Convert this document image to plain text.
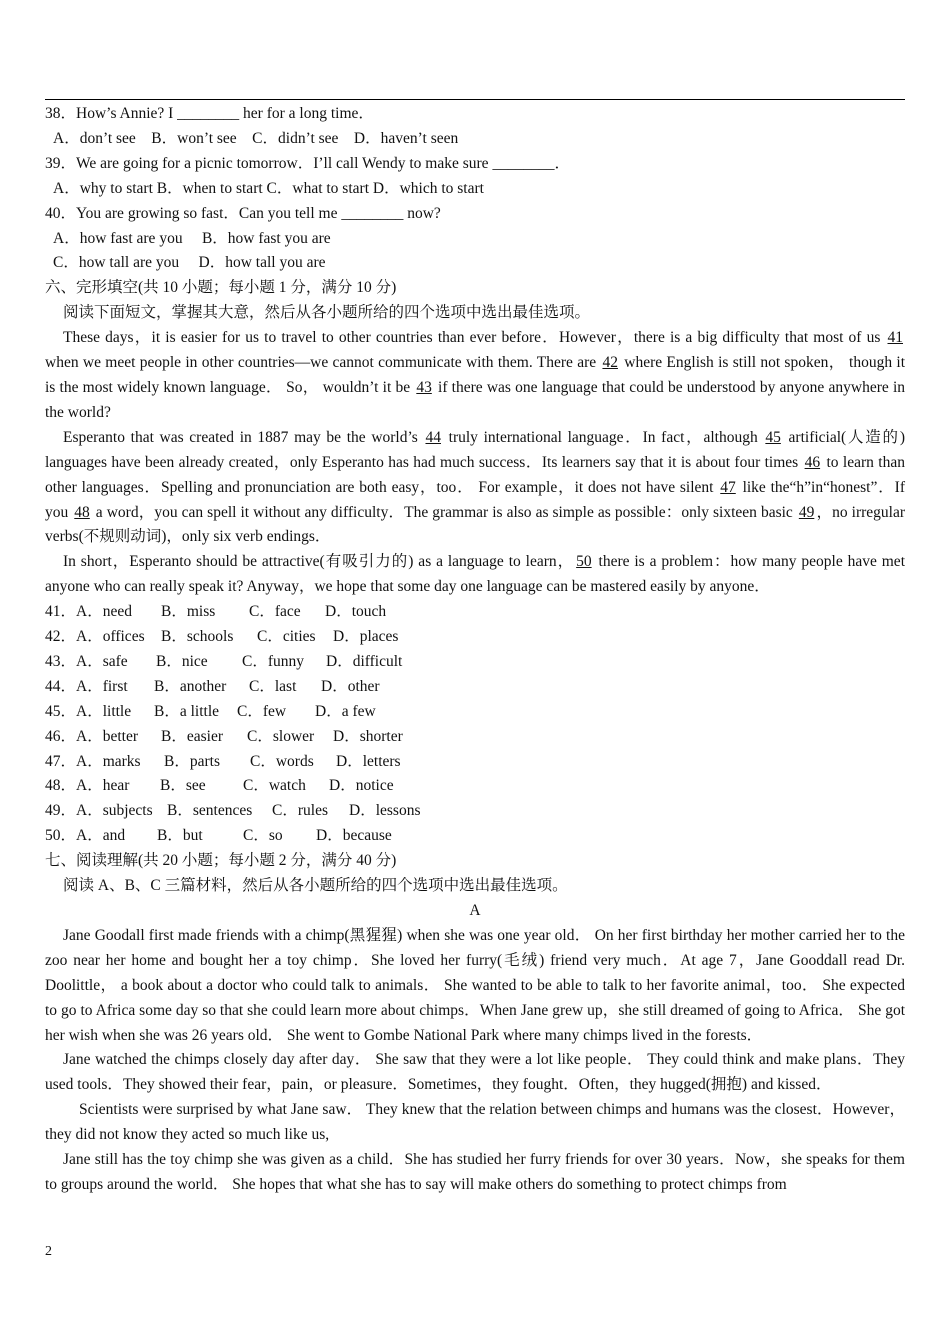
38．How’s Annie? I ________ her for a long time．
A．don’t see　B．won’t see　C．didn’t see　D．haven’t seen
39．We are going for a picnic tomorrow．I’ll call Wendy to make sure ________．
A．why to start B．when to start C．what to start D．which to start
40．You are growing so fast．Can you tell me ________ now?
A．how fast are you　 B．how fast you are
C．how tall are you　 D．how tall you are
六、完形填空(共 10 小题；每小题 1 分，满分 10 分)
阅读下面短文，掌握其大意，然后从各小题所给的四个选项中选出最佳选项。
These days，it is easier for us to travel to other countries than ever before．However，there is a big difficulty that most of us 41 when we meet people in other countries—we cannot communicate with them. There are 42 where English is still not spoken， though it is the most widely known language． So， wouldn’t it be 43 if there was one language that could be understood by anyone anywhere in the world?
Esperanto that was created in 1887 may be the world’s 44 truly international language．In fact，although 45 artificial(人造的) languages have been already created，only Esperanto has had much success．Its learners say that it is about four times 46 to learn than other languages．Spelling and pronunciation are both easy，too． For example，it does not have silent 47 like the“h”in“honest”．If you 48 a word，you can spell it without any difficulty．The grammar is also as simple as possible：only sixteen basic 49 ，no irregular verbs(不规则动词)，only six verb endings．
In short，Esperanto should be attractive(有吸引力的) as a language to learn， 50 there is a problem：how many people have met anyone who can really speak it? Anyway，we hope that some day one language can be mastered easily by anyone．
41．A．need B．miss C．face D．touch
42．A．offices B．schools C．cities D．places
43．A．safe B．nice C．funny D．difficult
44．A．first B．another C．last D．other
45．A．little B．a little C．few D．a few
46．A．better B．easier C．slower D．shorter
47．A．marks B．parts C．words D．letters
48．A．hear B．see C．watch D．notice
49．A．subjects B．sentences C．rules D．lessons
50．A．and B．but	C．so D．because
七、阅读理解(共 20 小题；每小题 2 分，满分 40 分)
阅读 A、B、C 三篇材料，然后从各小题所给的四个选项中选出最佳选项。
A
Jane Goodall first made friends with a chimp(黑猩猩) when she was one year old． On her first birthday her mother carried her to the zoo near her home and bought her a toy chimp．She loved her furry(毛绒) friend very much．At age 7，Jane Gooddall read Dr. Doolittle， a book about a doctor who could talk to animals． She wanted to be able to talk to her favorite animal，too． She expected to go to Africa some day so that she could learn more about chimps．When Jane grew up，she still dreamed of going to Africa． She got her wish when she was 26 years old． She went to Gombe National Park where many chimps lived in the forests．
Jane watched the chimps closely day after day． She saw that they were a lot like people． They could think and make plans．They used tools．They showed their fear，pain，or pleasure．Sometimes，they fought．Often，they hugged(拥抱) and kissed．
Scientists were surprised by what Jane saw． They knew that the relation between chimps and humans was the closest．However，they did not know they acted so much like us,
Jane still has the toy chimp she was given as a child．She has studied her furry friends for over 30 years．Now，she speaks for them to groups around the world． She hopes that what she has to say will make others do something to protect chimps from
2
